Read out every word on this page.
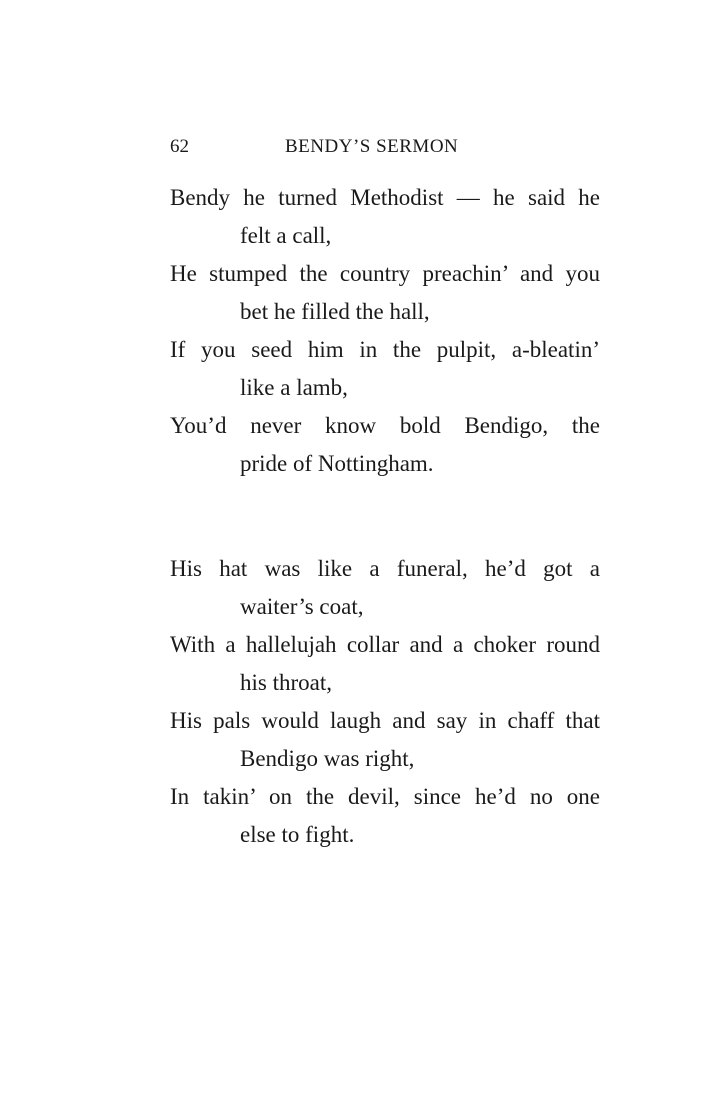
62	BENDY’S SERMON
Bendy he turned Methodist — he said he
felt a call,
He stumped the country preachin’ and you
bet he filled the hall,
If you seed him in the pulpit, a-bleatin’
like a lamb,
You’d never know bold Bendigo, the
pride of Nottingham.
His hat was like a funeral, he’d got a
waiter’s coat,
With a hallelujah collar and a choker round
his throat,
His pals would laugh and say in chaff that
Bendigo was right,
In takin’ on the devil, since he’d no one
else to fight.
